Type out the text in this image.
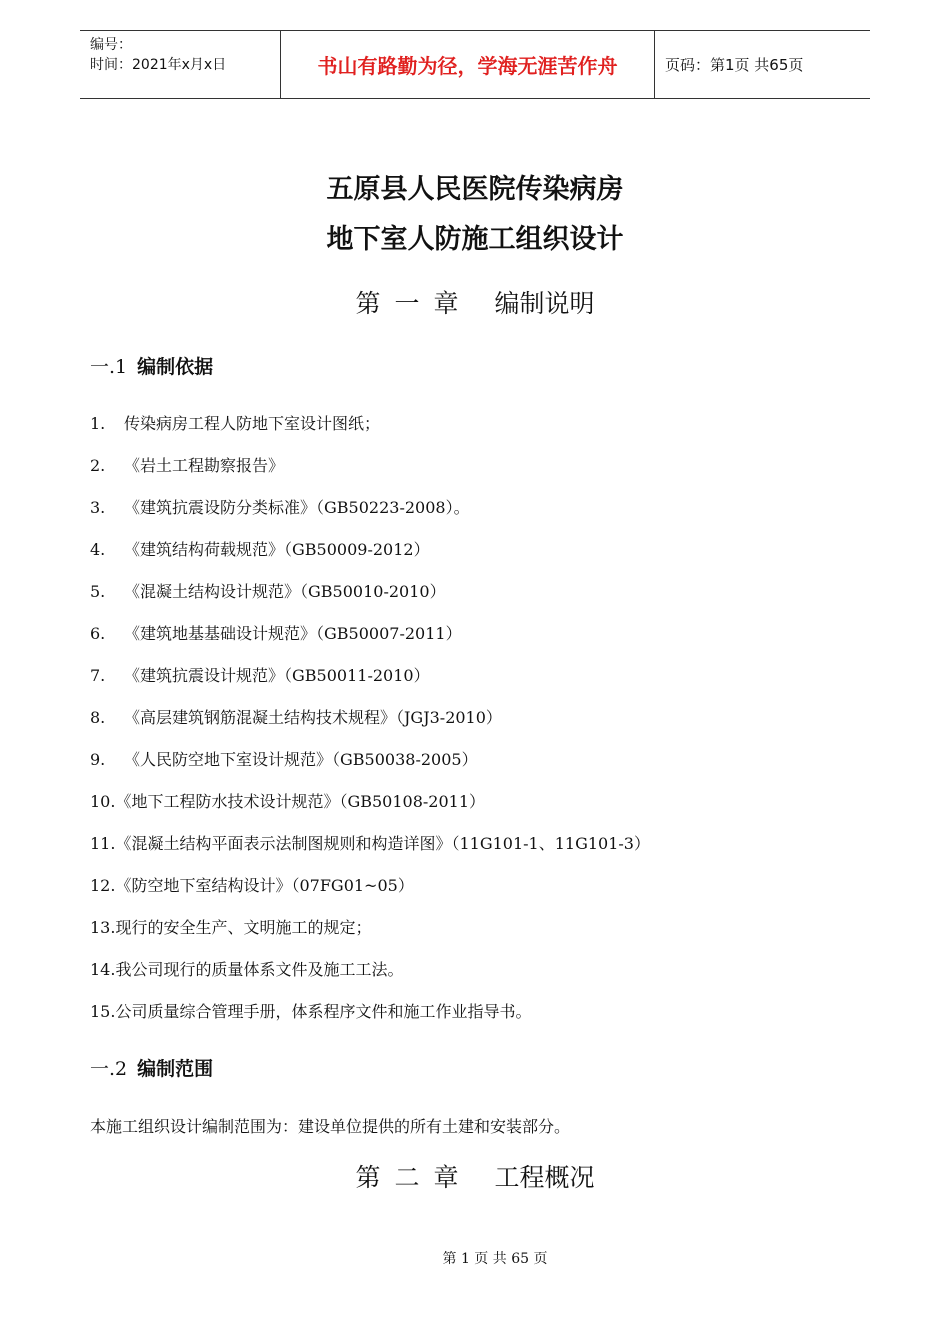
编号：
时间：2021年x月x日	书山有路勤为径，学海无涯苦作舟	页码：第1页 共65页
五原县人民医院传染病房
地下室人防施工组织设计
第一章 编制说明
一.1 编制依据
1. 传染病房工程人防地下室设计图纸；
2. 《岩土工程勘察报告》
3. 《建筑抗震设防分类标准》（GB50223-2008）。
4. 《建筑结构荷载规范》（GB50009-2012）
5. 《混凝土结构设计规范》（GB50010-2010）
6. 《建筑地基基础设计规范》（GB50007-2011）
7. 《建筑抗震设计规范》（GB50011-2010）
8. 《高层建筑钢筋混凝土结构技术规程》（JGJ3-2010）
9. 《人民防空地下室设计规范》（GB50038-2005）
10.《地下工程防水技术设计规范》（GB50108-2011）
11.《混凝土结构平面表示法制图规则和构造详图》（11G101-1、11G101-3）
12.《防空地下室结构设计》（07FG01~05）
13.现行的安全生产、文明施工的规定；
14.我公司现行的质量体系文件及施工工法。
15.公司质量综合管理手册，体系程序文件和施工作业指导书。
一.2 编制范围
本施工组织设计编制范围为：建设单位提供的所有土建和安装部分。
第二章 工程概况
第 1 页 共 65 页
